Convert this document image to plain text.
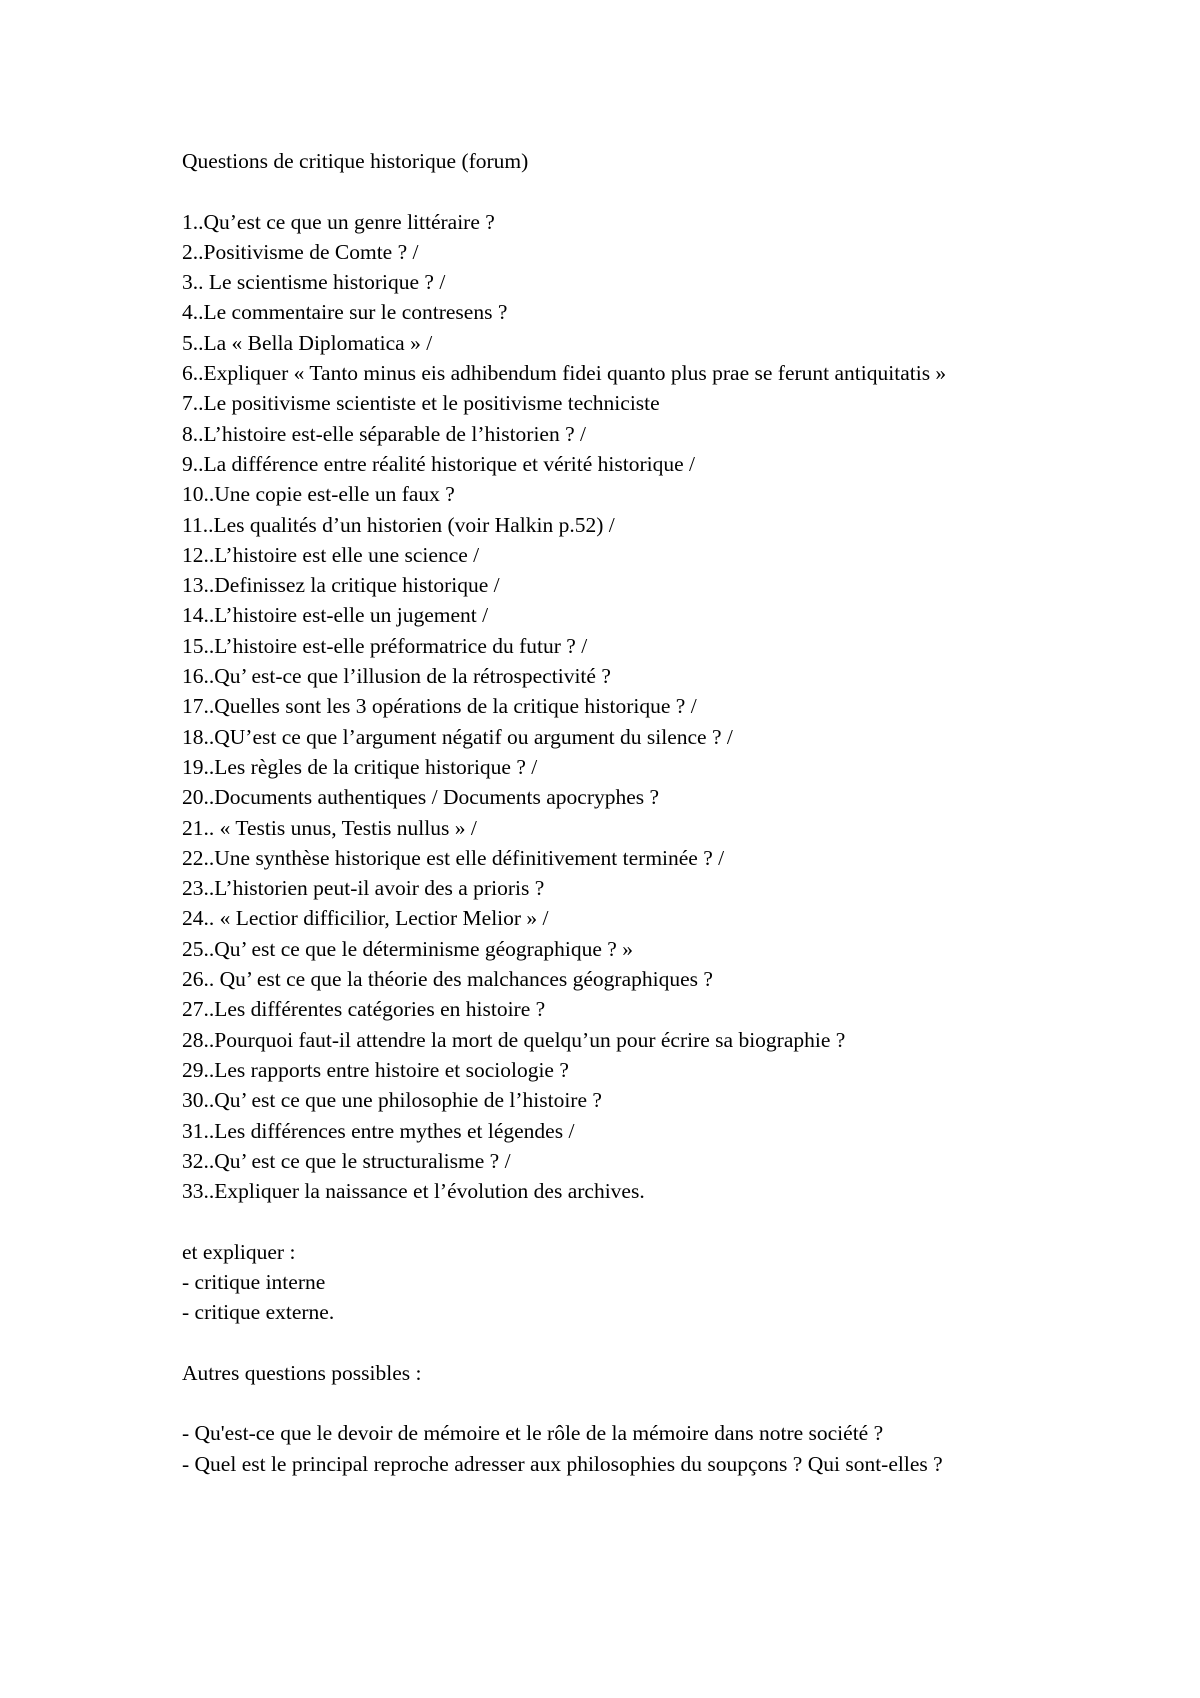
Questions de critique historique (forum)

1..Qu’est ce que un genre littéraire ?
2..Positivisme de Comte ? /
3.. Le scientisme historique ? /
4..Le commentaire sur le contresens ?
5..La « Bella Diplomatica » /
6..Expliquer « Tanto minus eis adhibendum fidei quanto plus prae se ferunt antiquitatis »
7..Le positivisme scientiste et le positivisme techniciste
8..L’histoire est-elle séparable de l’historien ? /
9..La différence entre réalité historique et vérité historique /
10..Une copie est-elle un faux ?
11..Les qualités d’un historien (voir Halkin p.52) /
12..L’histoire est elle une science /
13..Definissez la critique historique /
14..L’histoire est-elle un jugement /
15..L’histoire est-elle préformatrice du futur ? /
16..Qu’ est-ce que l’illusion de la rétrospectivité ?
17..Quelles sont les 3 opérations de la critique historique ? /
18..QU’est ce que l’argument négatif ou argument du silence ? /
19..Les règles de la critique historique ? /
20..Documents authentiques / Documents apocryphes ?
21.. « Testis unus, Testis nullus » /
22..Une synthèse historique est elle définitivement terminée ? /
23..L’historien peut-il avoir des a prioris ?
24.. « Lectior difficilior, Lectior Melior » /
25..Qu’ est ce que le déterminisme géographique ? »
26.. Qu’ est ce que la théorie des malchances géographiques ?
27..Les différentes catégories en histoire ?
28..Pourquoi faut-il attendre la mort de quelqu’un pour écrire sa biographie ?
29..Les rapports entre histoire et sociologie ?
30..Qu’ est ce que une philosophie de l’histoire ?
31..Les différences entre mythes et légendes /
32..Qu’ est ce que le structuralisme ? /
33..Expliquer la naissance et l’évolution des archives.

et expliquer :

- critique interne
- critique externe.

Autres questions possibles :

- Qu'est-ce que le devoir de mémoire et le rôle de la mémoire dans notre société ?
- Quel est le principal reproche adresser aux philosophies du soupçons ? Qui sont-elles ?
